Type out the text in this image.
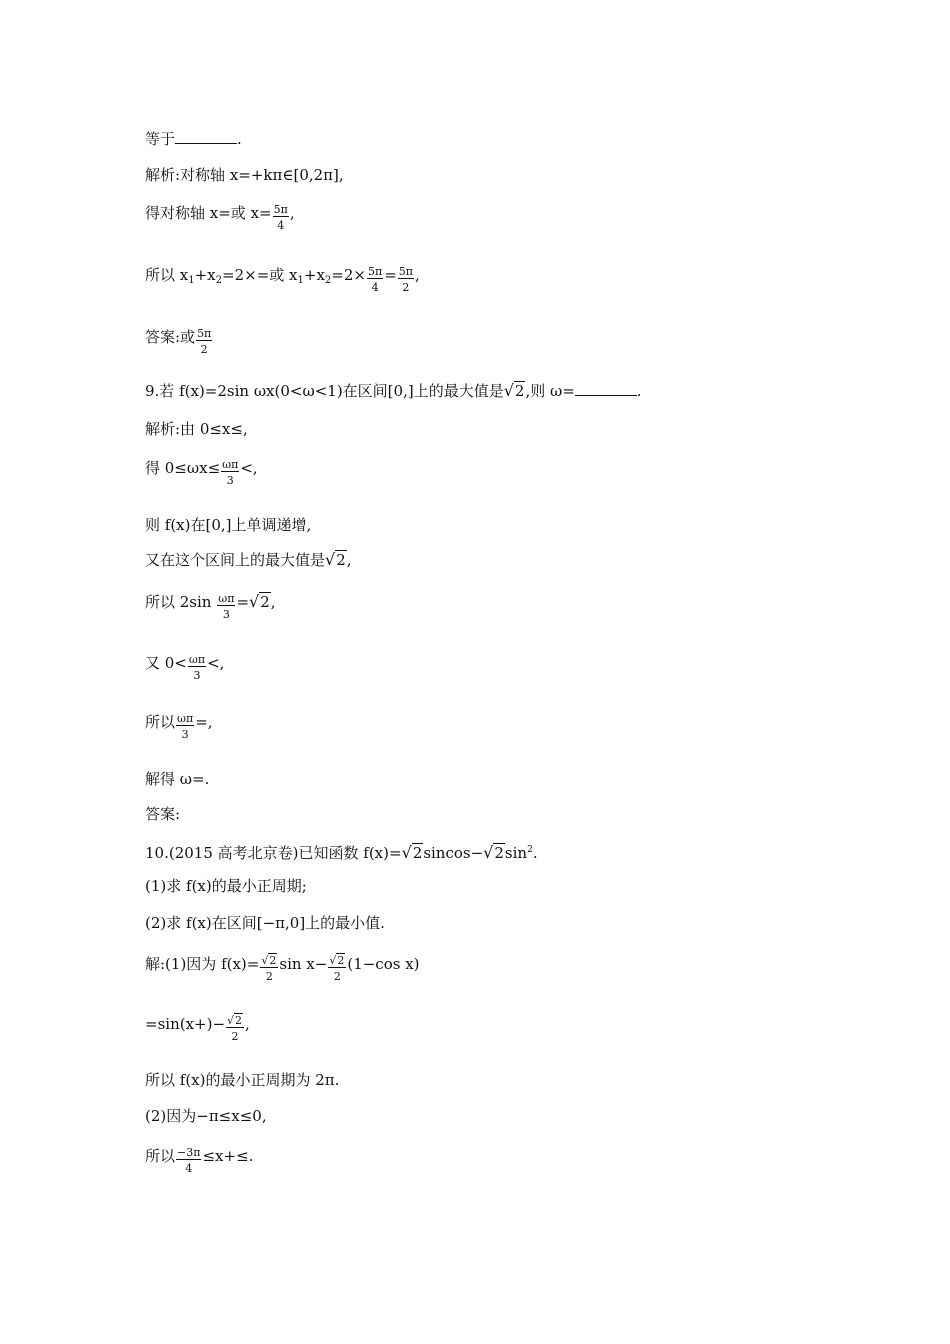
等于	.
解析:对称轴 x=+kπ∈[0,2π],
得对称轴 x=或 $x= \frac{5\pi}{4}$ ,
所以 $x_1+x_2=2\times=$或 $x_1+x_2=2\times \frac{5\pi}{4} = \frac{5\pi}{2}$ ,
答案:或 $\frac{5\pi}{2}$
9.若 f(x)=2sin ωx(0<ω<1)在区间[0,]上的最大值是√2,则 ω=	.
解析:由 0≤x≤,
得 $0\le\omega x\le \frac{\omega\pi}{3}$ <,
则 f(x)在[0,]上单调递增,
又在这个区间上的最大值是√2,
所以 $2\sin \frac{\omega\pi}{3} =√2$,
又 $0< \frac{\omega\pi}{3}$ <,
所以 $\frac{\omega\pi}{3}$ =,
解得 ω=.
答案:
10.(2015 高考北京卷)已知函数 $f(x)=√2sincos-√2\sin^2$.
(1)求 f(x)的最小正周期;
(2)求 f(x)在区间[−π,0]上的最小值.
解:(1)因为 $f(x)= \frac{√2}{2}$ $\sin x- \frac{√2}{2} (1-\cos$ x)
$=\sin(x+)- \frac{√2}{2}$ ,
所以 f(x)的最小正周期为 2π.
(2)因为−π≤x≤0,
所以 $\frac{-3\pi}{4} \le x+\le$.
